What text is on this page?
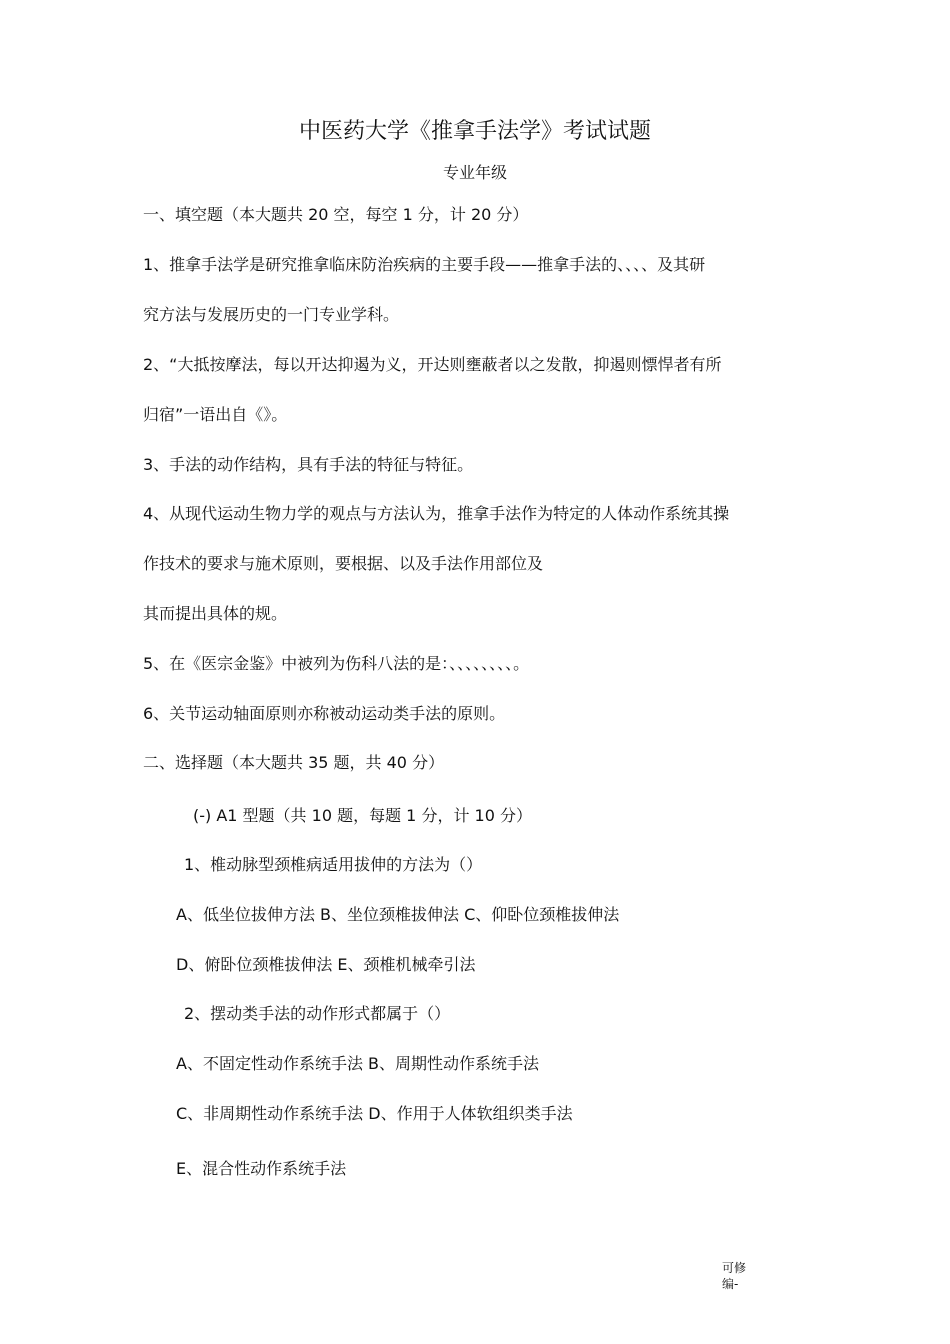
中医药大学《推拿手法学》考试试题
专业年级
一、填空题（本大题共 20 空，每空 1 分，计 20 分）
1、推拿手法学是研究推拿临床防治疾病的主要手段——推拿手法的、、、、及其研
究方法与发展历史的一门专业学科。
2、“大抵按摩法，每以开达抑遏为义，开达则壅蔽者以之发散，抑遏则慓悍者有所
归宿”一语出自《》。
3、手法的动作结构，具有手法的特征与特征。
4、从现代运动生物力学的观点与方法认为，推拿手法作为特定的人体动作系统其操
作技术的要求与施术原则，要根据、以及手法作用部位及
其而提出具体的规。
5、在《医宗金鉴》中被列为伤科八法的是：、、、、、、、、。
6、关节运动轴面原则亦称被动运动类手法的原则。
二、选择题（本大题共 35 题，共 40 分）
(-) A1 型题（共 10 题，每题 1 分，计 10 分）
1、椎动脉型颈椎病适用拔伸的方法为（）
A、低坐位拔伸方法 B、坐位颈椎拔伸法 C、仰卧位颈椎拔伸法
D、俯卧位颈椎拔伸法 E、颈椎机械牵引法
2、摆动类手法的动作形式都属于（）
A、不固定性动作系统手法 B、周期性动作系统手法
C、非周期性动作系统手法 D、作用于人体软组织类手法
E、混合性动作系统手法
可修编-
